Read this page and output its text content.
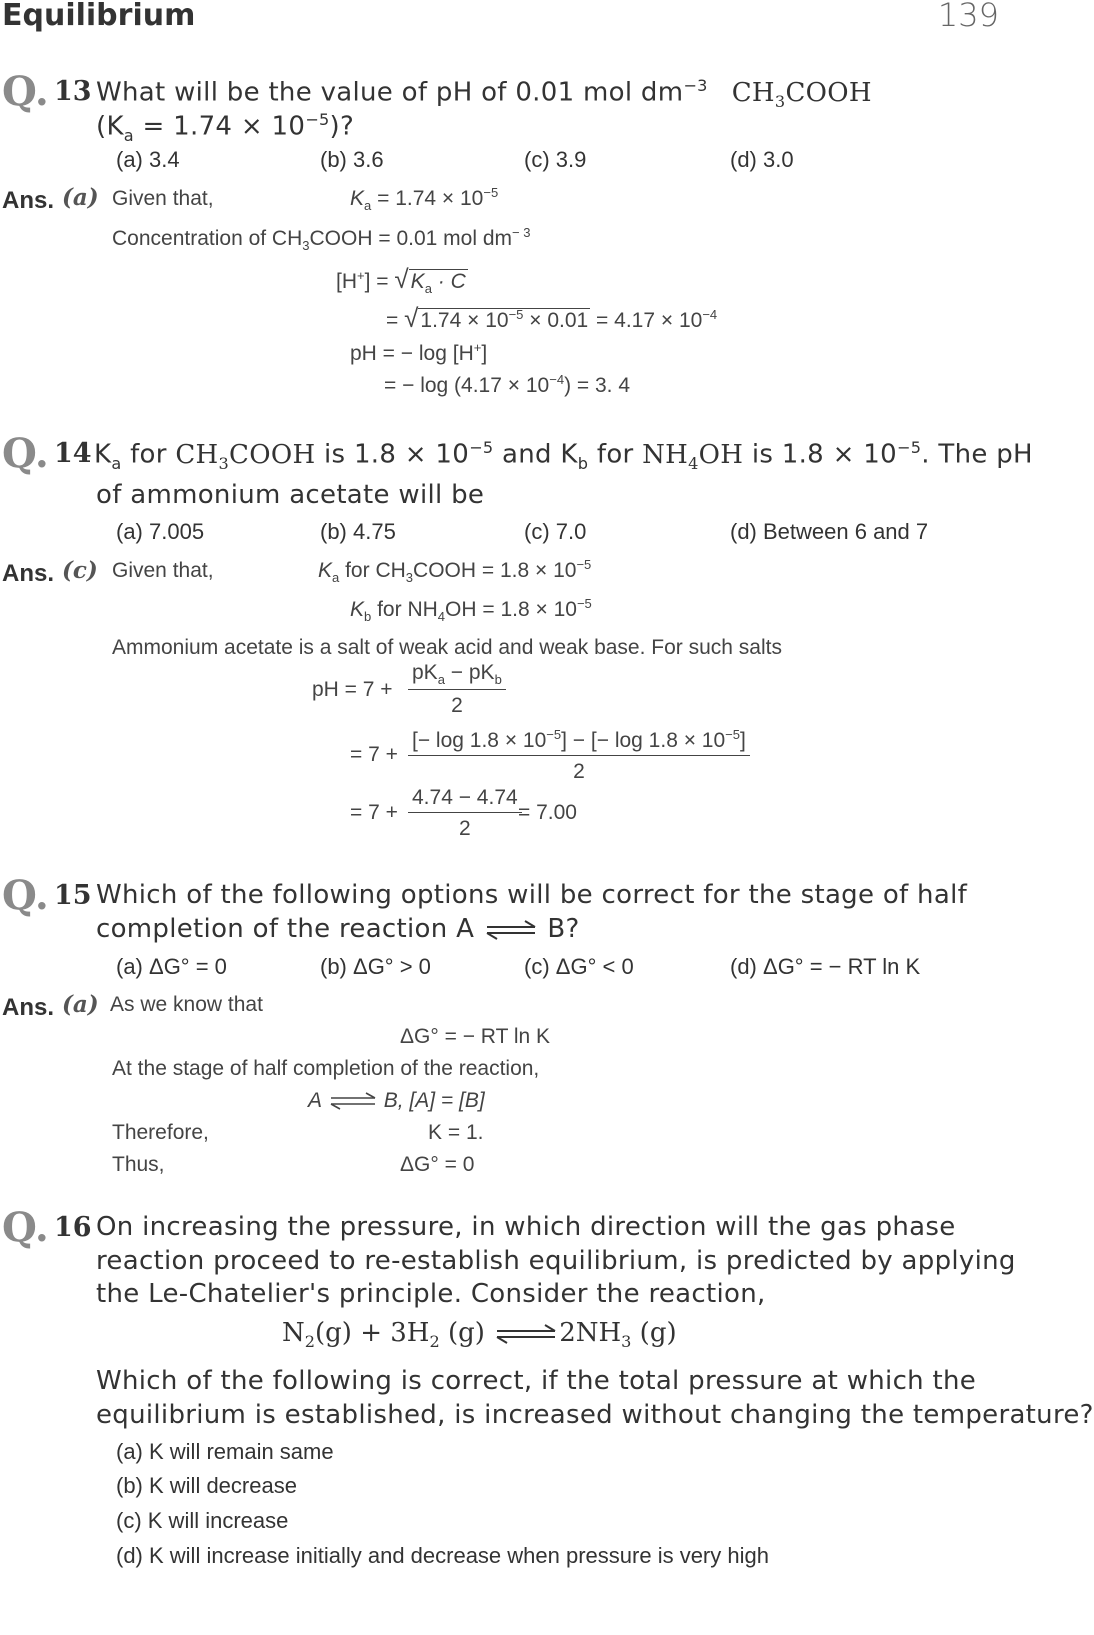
Equilibrium	139
Q . 13 What will be the value of pH of 0.01 mol $dm^{-3}$ $CH_3COOH$
$(K_a = 1.74 \times 10^{-5})$?
(a) 3.4	(b) 3.6	(c) 3.9	(d) 3.0
Ans. (a) Given that,	$K_a = 1.74 \times 10^{-5}$
Concentration of $CH_3COOH = 0.01$ mol $dm^{- 3}$
$[H^+] = √K_a \cdot C$
= $√1.74 \times 10^{-5} \times 0.01 = 4.17 \times 10^{-4}$
pH = − log [H+]
= − $\log (4.17 \times 10^{-4}) = 3$. 4
Q . 14 $K_a$ for $CH_3COOH$ is $1.8 \times 10^{-5}$ and $K_b$ for $NH_4OH$ is $1.8 \times 10^{-5}$. The pH
of ammonium acetate will be
(a) 7.005	(b) 4.75	(c) 7.0	(d) Between 6 and 7
Ans. (c) Given that,	$K_a$ for $CH_3COOH = 1.8 \times 10^{-5}$
$K_b$ for $NH_4OH = 1.8 \times 10^{-5}$
Ammonium acetate is a salt of weak acid and weak base. For such salts
pH = 7 +
$pK_a - pK_b$
2
= $7 + \frac{[- \log 1.8 \times 10^{-5}] - [- \log 1.8 \times 10^{-5}]}{2}$
= $7 + \frac{4.74 - 4.74}{2}$
= 7.00
Q . 15 Which of the following options will be correct for the stage of half
completion of the reaction A ⇌ B?
(a) ΔG° = 0	(b) ΔG° > 0	(c) ΔG° < 0	(d) ΔG° = − RT ln K
Ans. (a) As we know that
ΔG° = − RT ln K
At the stage of half completion of the reaction,
A ⇌ B, [A] = [B]
Therefore,	K = 1.
Thus,	ΔG° = 0
Q . 16 On increasing the pressure, in which direction will the gas phase
reaction proceed to re-establish equilibrium, is predicted by applying
the Le-Chatelier's principle. Consider the reaction,
$N_2(g) + 3H_2$ (g) $\rightleftharpoons 2NH_3$ (g)
Which of the following is correct, if the total pressure at which the
equilibrium is established, is increased without changing the temperature?
(a) K will remain same
(b) K will decrease
(c) K will increase
(d) K will increase initially and decrease when pressure is very high
